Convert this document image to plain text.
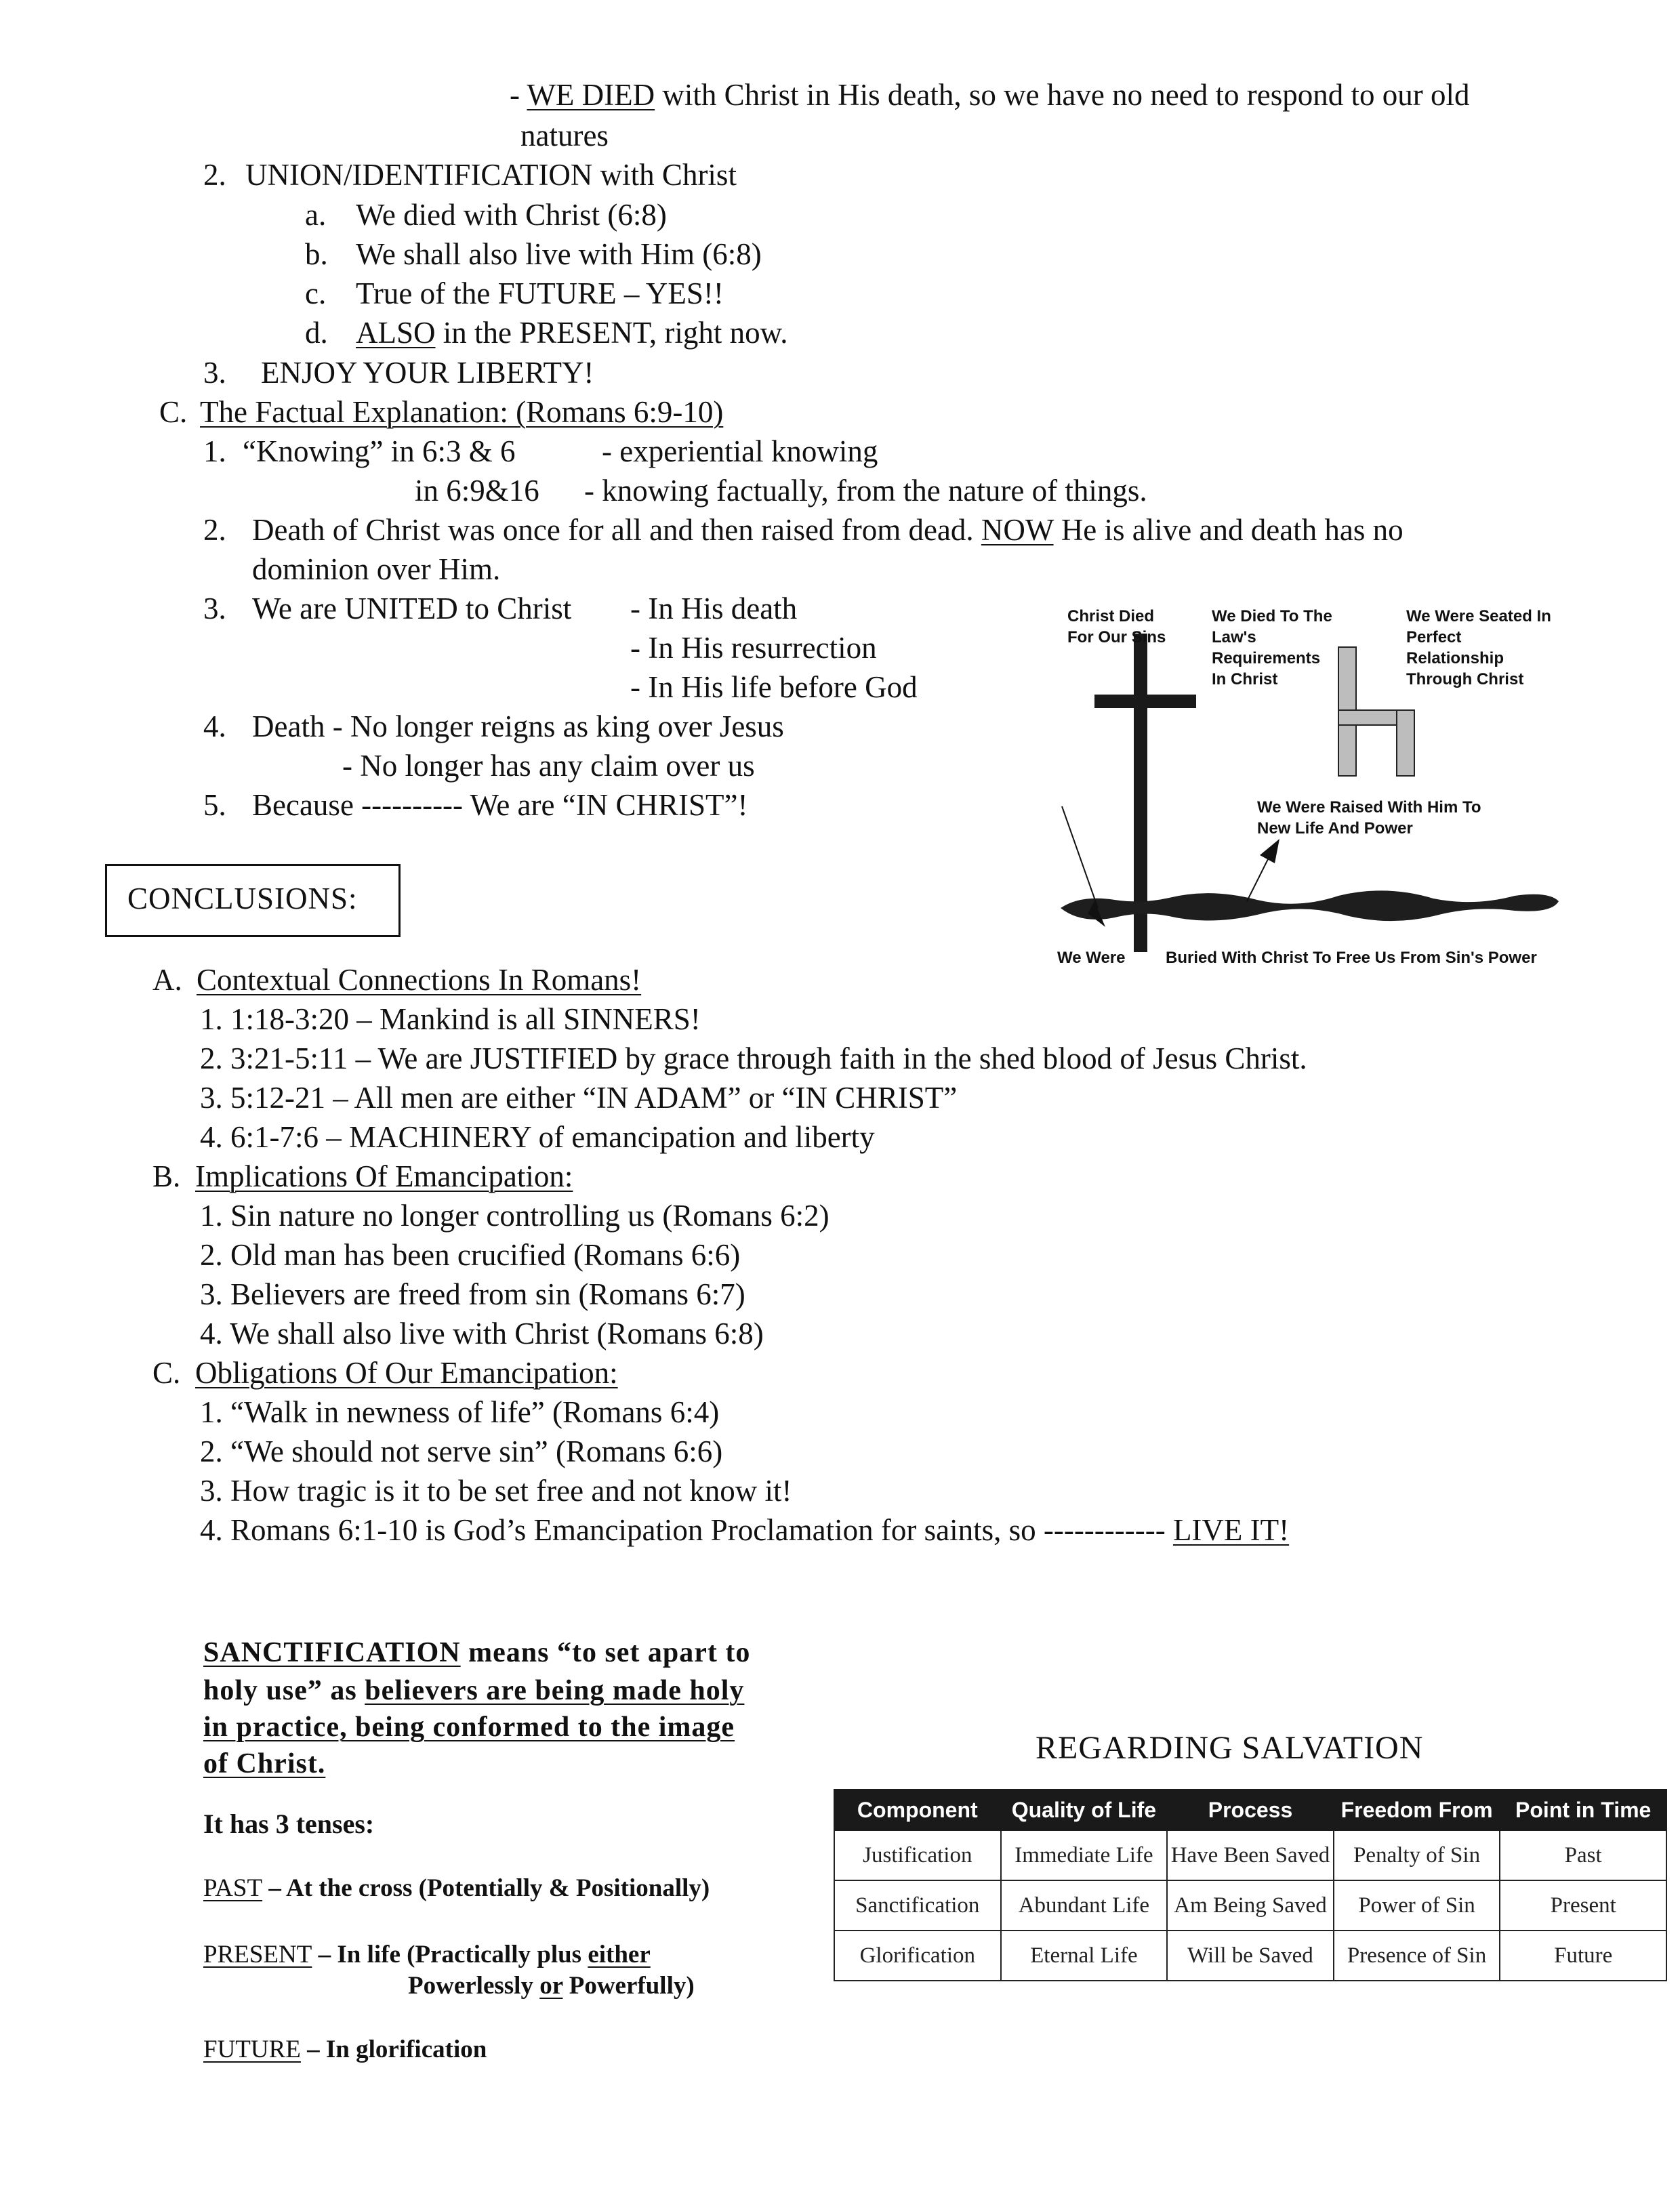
- WE DIED with Christ in His death, so we have no need to respond to our old
natures
2. UNION/IDENTIFICATION with Christ
a. We died with Christ (6:8)
b. We shall also live with Him (6:8)
c. True of the FUTURE – YES!!
d. ALSO in the PRESENT, right now.
3. ENJOY YOUR LIBERTY!
C. The Factual Explanation: (Romans 6:9-10)
1. “Knowing” in 6:3 & 6	- experiential knowing
in 6:9&16 - knowing factually, from the nature of things.
2. Death of Christ was once for all and then raised from dead. NOW He is alive and death has no
dominion over Him.
3. We are UNITED to Christ - In His death
- In His resurrection
- In His life before God
4. Death - No longer reigns as king over Jesus
- No longer has any claim over us
5. Because ---------- We are “IN CHRIST”!
Christ Died For Our Sins
We Died To The Law's Requirements In Christ
We Were Seated In Perfect Relationship Through Christ
We Were Raised With Him To New Life And Power
We Were	Buried With Christ To Free Us From Sin's Power
CONCLUSIONS:
A. Contextual Connections In Romans!
1. 1:18-3:20 – Mankind is all SINNERS!
2. 3:21-5:11 – We are JUSTIFIED by grace through faith in the shed blood of Jesus Christ.
3. 5:12-21 – All men are either “IN ADAM” or “IN CHRIST”
4. 6:1-7:6 – MACHINERY of emancipation and liberty
B. Implications Of Emancipation:
1. Sin nature no longer controlling us (Romans 6:2)
2. Old man has been crucified (Romans 6:6)
3. Believers are freed from sin (Romans 6:7)
4. We shall also live with Christ (Romans 6:8)
C. Obligations Of Our Emancipation:
1. “Walk in newness of life” (Romans 6:4)
2. “We should not serve sin” (Romans 6:6)
3. How tragic is it to be set free and not know it!
4. Romans 6:1-10 is God’s Emancipation Proclamation for saints, so ------------ LIVE IT!
SANCTIFICATION means “to set apart to
holy use” as believers are being made holy
in practice, being conformed to the image
of Christ.
It has 3 tenses:
PAST – At the cross (Potentially & Positionally)
PRESENT – In life (Practically plus either
Powerlessly or Powerfully)
FUTURE – In glorification
REGARDING SALVATION
Component	Quality of Life	Process	Freedom From	Point in Time
Justification	Immediate Life	Have Been Saved	Penalty of Sin	Past
Sanctification	Abundant Life	Am Being Saved	Power of Sin	Present
Glorification	Eternal Life	Will be Saved	Presence of Sin	Future
